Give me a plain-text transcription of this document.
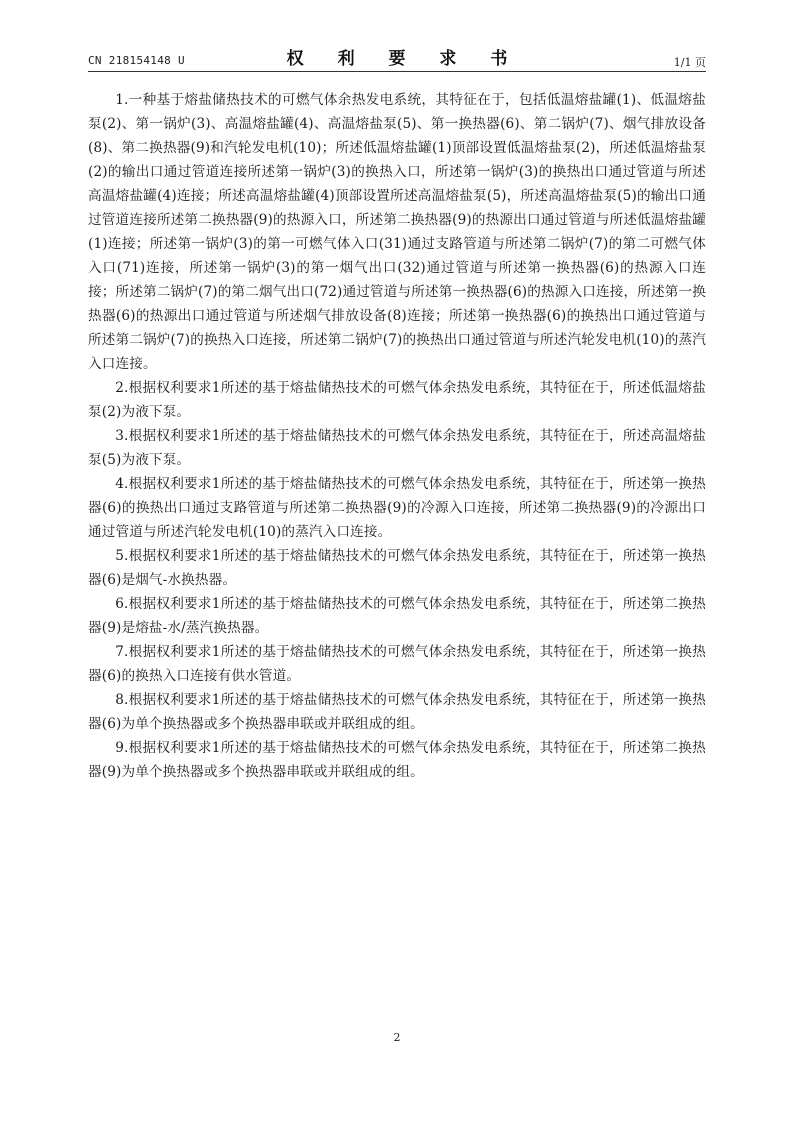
CN 218154148 U	权 利 要 求 书	1/1 页

1.一种基于熔盐储热技术的可燃气体余热发电系统，其特征在于，包括低温熔盐罐(1)、低温熔盐泵(2)、第一锅炉(3)、高温熔盐罐(4)、高温熔盐泵(5)、第一换热器(6)、第二锅炉(7)、烟气排放设备(8)、第二换热器(9)和汽轮发电机(10)；所述低温熔盐罐(1)顶部设置低温熔盐泵(2)，所述低温熔盐泵(2)的输出口通过管道连接所述第一锅炉(3)的换热入口，所述第一锅炉(3)的换热出口通过管道与所述高温熔盐罐(4)连接；所述高温熔盐罐(4)顶部设置所述高温熔盐泵(5)，所述高温熔盐泵(5)的输出口通过管道连接所述第二换热器(9)的热源入口，所述第二换热器(9)的热源出口通过管道与所述低温熔盐罐(1)连接；所述第一锅炉(3)的第一可燃气体入口(31)通过支路管道与所述第二锅炉(7)的第二可燃气体入口(71)连接，所述第一锅炉(3)的第一烟气出口(32)通过管道与所述第一换热器(6)的热源入口连接；所述第二锅炉(7)的第二烟气出口(72)通过管道与所述第一换热器(6)的热源入口连接，所述第一换热器(6)的热源出口通过管道与所述烟气排放设备(8)连接；所述第一换热器(6)的换热出口通过管道与所述第二锅炉(7)的换热入口连接，所述第二锅炉(7)的换热出口通过管道与所述汽轮发电机(10)的蒸汽入口连接。

2.根据权利要求1所述的基于熔盐储热技术的可燃气体余热发电系统，其特征在于，所述低温熔盐泵(2)为液下泵。

3.根据权利要求1所述的基于熔盐储热技术的可燃气体余热发电系统，其特征在于，所述高温熔盐泵(5)为液下泵。

4.根据权利要求1所述的基于熔盐储热技术的可燃气体余热发电系统，其特征在于，所述第一换热器(6)的换热出口通过支路管道与所述第二换热器(9)的冷源入口连接，所述第二换热器(9)的冷源出口通过管道与所述汽轮发电机(10)的蒸汽入口连接。

5.根据权利要求1所述的基于熔盐储热技术的可燃气体余热发电系统，其特征在于，所述第一换热器(6)是烟气-水换热器。

6.根据权利要求1所述的基于熔盐储热技术的可燃气体余热发电系统，其特征在于，所述第二换热器(9)是熔盐-水/蒸汽换热器。

7.根据权利要求1所述的基于熔盐储热技术的可燃气体余热发电系统，其特征在于，所述第一换热器(6)的换热入口连接有供水管道。

8.根据权利要求1所述的基于熔盐储热技术的可燃气体余热发电系统，其特征在于，所述第一换热器(6)为单个换热器或多个换热器串联或并联组成的组。

9.根据权利要求1所述的基于熔盐储热技术的可燃气体余热发电系统，其特征在于，所述第二换热器(9)为单个换热器或多个换热器串联或并联组成的组。

2
